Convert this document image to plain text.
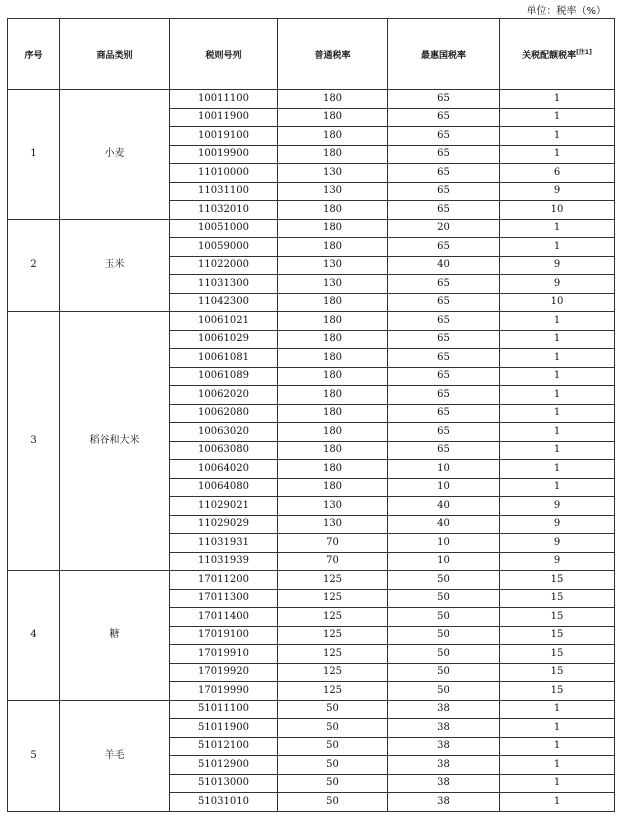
单位：税率（%）
序号	商品类别	税则号列	普通税率	最惠国税率	关税配额税率[注1]
1	小麦	10011100	180	65	1
		10011900	180	65	1
		10019100	180	65	1
		10019900	180	65	1
		11010000	130	65	6
		11031100	130	65	9
		11032010	180	65	10
2	玉米	10051000	180	20	1
		10059000	180	65	1
		11022000	130	40	9
		11031300	130	65	9
		11042300	180	65	10
3	稻谷和大米	10061021	180	65	1
		10061029	180	65	1
		10061081	180	65	1
		10061089	180	65	1
		10062020	180	65	1
		10062080	180	65	1
		10063020	180	65	1
		10063080	180	65	1
		10064020	180	10	1
		10064080	180	10	1
		11029021	130	40	9
		11029029	130	40	9
		11031931	70	10	9
		11031939	70	10	9
4	糖	17011200	125	50	15
		17011300	125	50	15
		17011400	125	50	15
		17019100	125	50	15
		17019910	125	50	15
		17019920	125	50	15
		17019990	125	50	15
5	羊毛	51011100	50	38	1
		51011900	50	38	1
		51012100	50	38	1
		51012900	50	38	1
		51013000	50	38	1
		51031010	50	38	1
